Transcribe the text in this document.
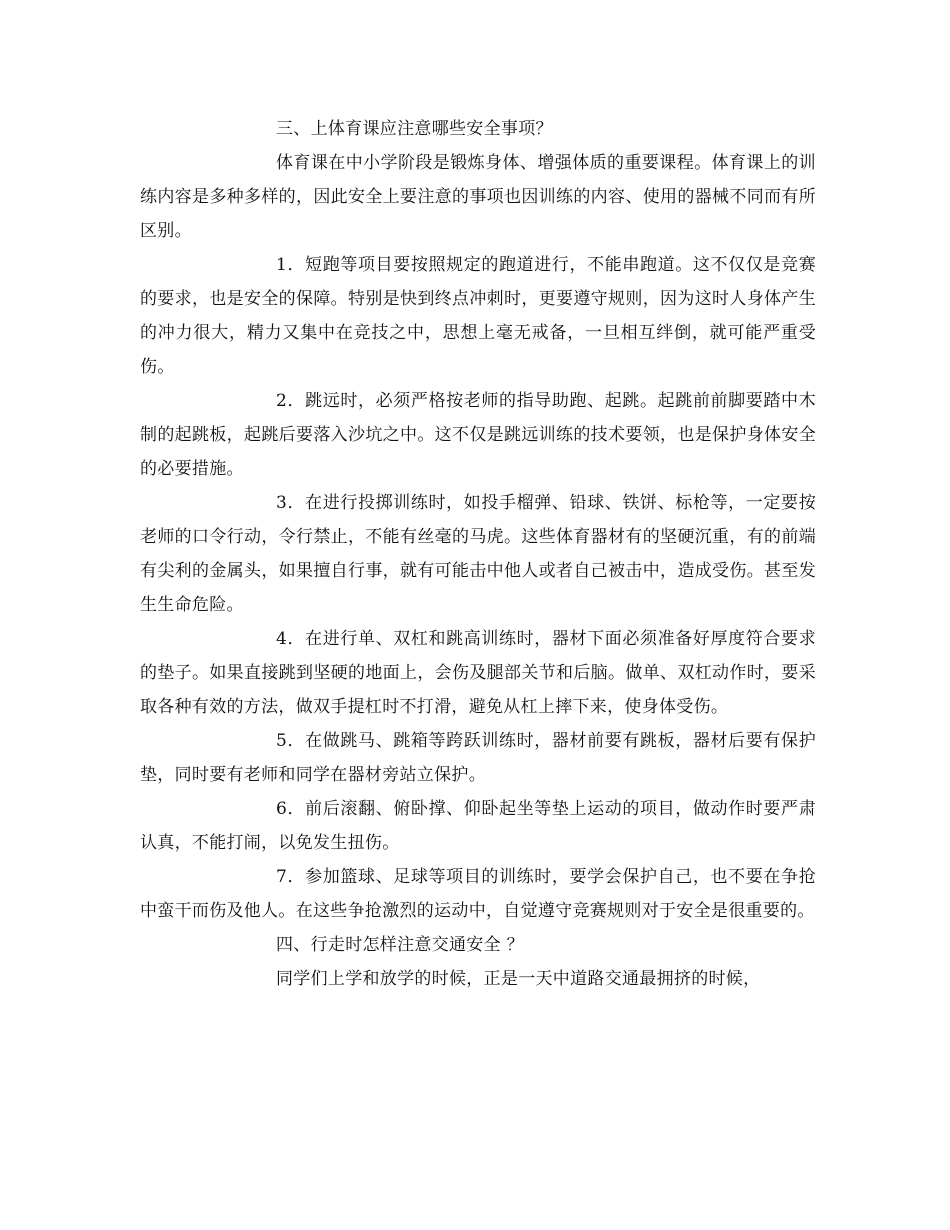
三、上体育课应注意哪些安全事项？

体育课在中小学阶段是锻炼身体、增强体质的重要课程。体育课上的训练内容是多种多样的，因此安全上要注意的事项也因训练的内容、使用的器械不同而有所区别。

1．短跑等项目要按照规定的跑道进行，不能串跑道。这不仅仅是竞赛的要求，也是安全的保障。特别是快到终点冲刺时，更要遵守规则，因为这时人身体产生的冲力很大，精力又集中在竞技之中，思想上毫无戒备，一旦相互绊倒，就可能严重受伤。

2．跳远时，必须严格按老师的指导助跑、起跳。起跳前前脚要踏中木制的起跳板，起跳后要落入沙坑之中。这不仅是跳远训练的技术要领，也是保护身体安全的必要措施。

3．在进行投掷训练时，如投手榴弹、铅球、铁饼、标枪等，一定要按老师的口令行动，令行禁止，不能有丝毫的马虎。这些体育器材有的坚硬沉重，有的前端有尖利的金属头，如果擅自行事，就有可能击中他人或者自己被击中，造成受伤。甚至发生生命危险。

4．在进行单、双杠和跳高训练时，器材下面必须准备好厚度符合要求的垫子。如果直接跳到坚硬的地面上，会伤及腿部关节和后脑。做单、双杠动作时，要采取各种有效的方法，做双手提杠时不打滑，避免从杠上摔下来，使身体受伤。

5．在做跳马、跳箱等跨跃训练时，器材前要有跳板，器材后要有保护垫，同时要有老师和同学在器材旁站立保护。

6．前后滚翻、俯卧撑、仰卧起坐等垫上运动的项目，做动作时要严肃认真，不能打闹，以免发生扭伤。

7．参加篮球、足球等项目的训练时，要学会保护自己，也不要在争抢中蛮干而伤及他人。在这些争抢激烈的运动中，自觉遵守竞赛规则对于安全是很重要的。

四、行走时怎样注意交通安全 ？

同学们上学和放学的时候，正是一天中道路交通最拥挤的时候，
